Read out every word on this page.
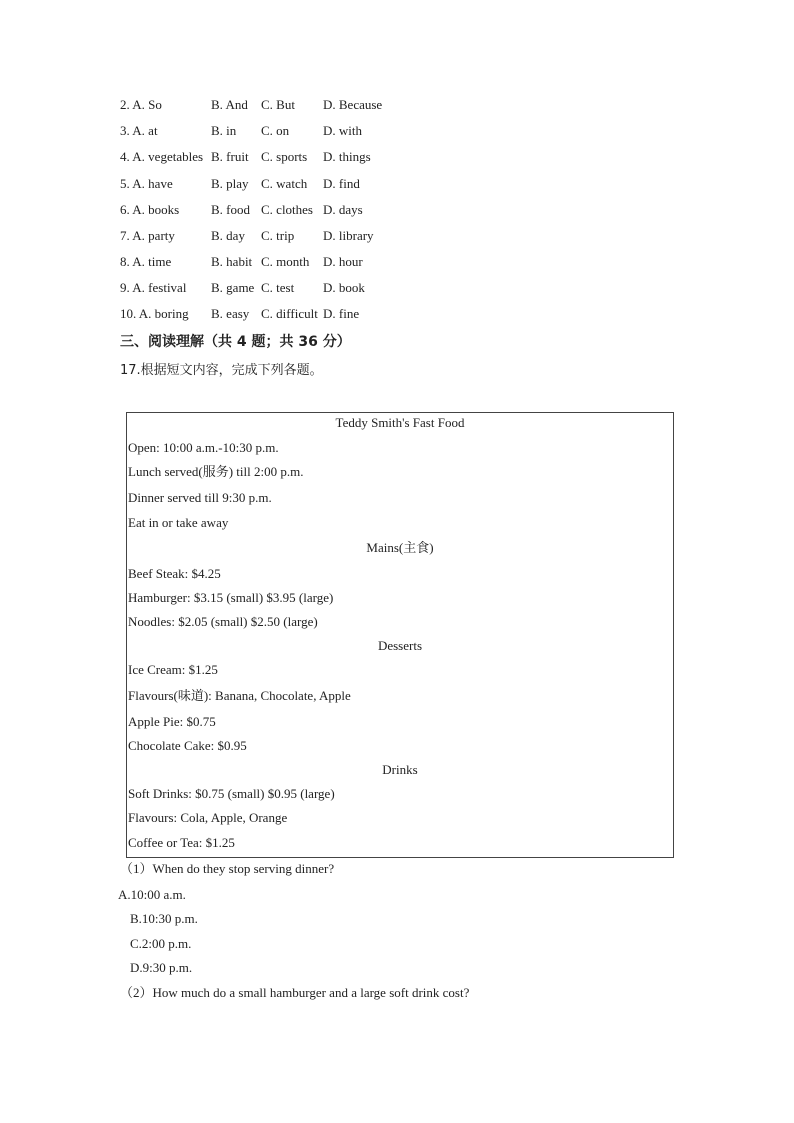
2. A. So	B. And C. But D. Because
3. A. at	B. in C. on	D. with
4. A. vegetables B. fruit C. sports D. things
5. A. have	B. play C. watch D. find
6. A. books B. food C. clothes D. days
7. A. party	B. day C. trip D. library
8. A. time	B. habit C. month D. hour
9. A. festival B. game C. test D. book
10. A. boring B. easy C. difficult D. fine
三、阅读理解（共 4 题；共 36 分）
17.根据短文内容，完成下列各题。
Teddy Smith's Fast Food
Open: 10:00 a.m.-10:30 p.m.
Lunch served(服务) till 2:00 p.m.
Dinner served till 9:30 p.m.
Eat in or take away
Mains(主食)
Beef Steak: $4.25
Hamburger: $3.15 (small) $3.95 (large)
Noodles: $2.05 (small) $2.50 (large)
Desserts
Ice Cream: $1.25
Flavours(味道): Banana, Chocolate, Apple
Apple Pie: $0.75
Chocolate Cake: $0.95
Drinks
Soft Drinks: $0.75 (small) $0.95 (large)
Flavours: Cola, Apple, Orange
Coffee or Tea: $1.25
（1）When do they stop serving dinner?
A.10:00 a.m.
B.10:30 p.m.
C.2:00 p.m.
D.9:30 p.m.
（2）How much do a small hamburger and a large soft drink cost?
